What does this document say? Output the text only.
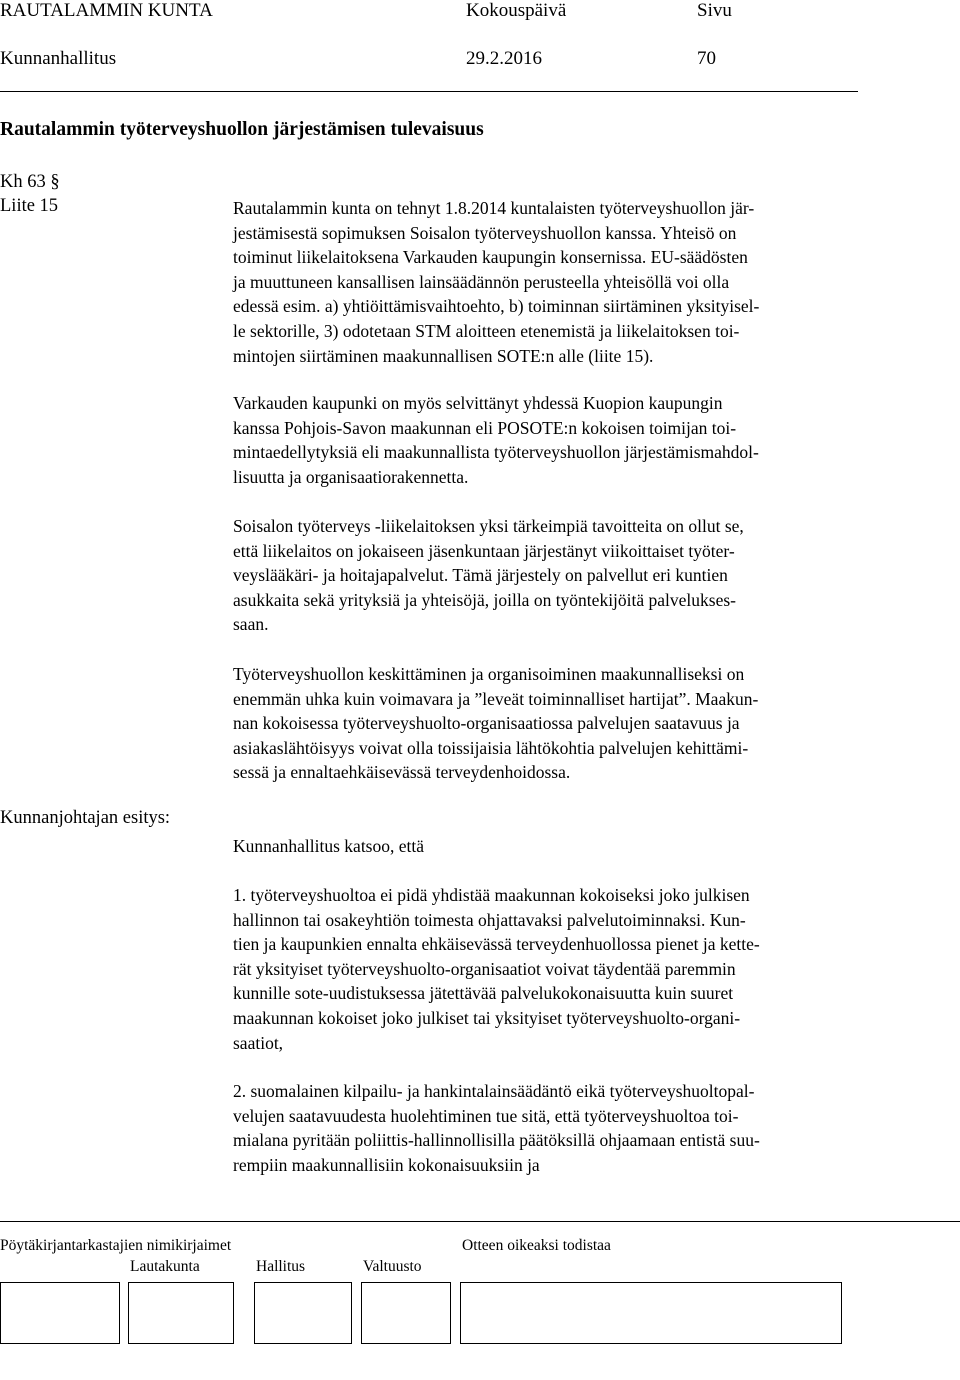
RAUTALAMMIN KUNTA	Kokouspäivä	Sivu
Kunnanhallitus	29.2.2016	70
Rautalammin työterveyshuollon järjestämisen tulevaisuus
Kh 63 §
Liite 15
Kunnanjohtajan esitys:
Rautalammin kunta on tehnyt 1.8.2014 kuntalaisten työterveyshuollon jär-
jestämisestä sopimuksen Soisalon työterveyshuollon kanssa. Yhteisö on
toiminut liikelaitoksena Varkauden kaupungin konsernissa. EU-säädösten
ja muuttuneen kansallisen lainsäädännön perusteella yhteisöllä voi olla
edessä esim. a) yhtiöittämisvaihtoehto, b) toiminnan siirtäminen yksityisel-
le sektorille, 3) odotetaan STM aloitteen etenemistä ja liikelaitoksen toi-
mintojen siirtäminen maakunnallisen SOTE:n alle (liite 15).
Varkauden kaupunki on myös selvittänyt yhdessä Kuopion kaupungin
kanssa Pohjois-Savon maakunnan eli POSOTE:n kokoisen toimijan toi-
mintaedellytyksiä eli maakunnallista työterveyshuollon järjestämismahdol-
lisuutta ja organisaatiorakennetta.
Soisalon työterveys -liikelaitoksen yksi tärkeimpiä tavoitteita on ollut se,
että liikelaitos on jokaiseen jäsenkuntaan järjestänyt viikoittaiset työter-
veyslääkäri- ja hoitajapalvelut. Tämä järjestely on palvellut eri kuntien
asukkaita sekä yrityksiä ja yhteisöjä, joilla on työntekijöitä palvelukses-
saan.
Työterveyshuollon keskittäminen ja organisoiminen maakunnalliseksi on
enemmän uhka kuin voimavara ja ”leveät toiminnalliset hartijat”. Maakun-
nan kokoisessa työterveyshuolto-organisaatiossa palvelujen saatavuus ja
asiakaslähtöisyys voivat olla toissijaisia lähtökohtia palvelujen kehittämi-
sessä ja ennaltaehkäisevässä terveydenhoidossa.
Kunnanhallitus katsoo, että
1. työterveyshuoltoa ei pidä yhdistää maakunnan kokoiseksi joko julkisen
hallinnon tai osakeyhtiön toimesta ohjattavaksi palvelutoiminnaksi. Kun-
tien ja kaupunkien ennalta ehkäisevässä terveydenhuollossa pienet ja kette-
rät yksityiset työterveyshuolto-organisaatiot voivat täydentää paremmin
kunnille sote-uudistuksessa jätettävää palvelukokonaisuutta kuin suuret
maakunnan kokoiset joko julkiset tai yksityiset työterveyshuolto-organi-
saatiot,
2. suomalainen kilpailu- ja hankintalainsäädäntö eikä työterveyshuoltopal-
velujen saatavuudesta huolehtiminen tue sitä, että työterveyshuoltoa toi-
mialana pyritään poliittis-hallinnollisilla päätöksillä ohjaamaan entistä suu-
rempiin maakunnallisiin kokonaisuuksiin ja
Pöytäkirjantarkastajien nimikirjaimet
Lautakunta	Hallitus	Valtuusto
Otteen oikeaksi todistaa
